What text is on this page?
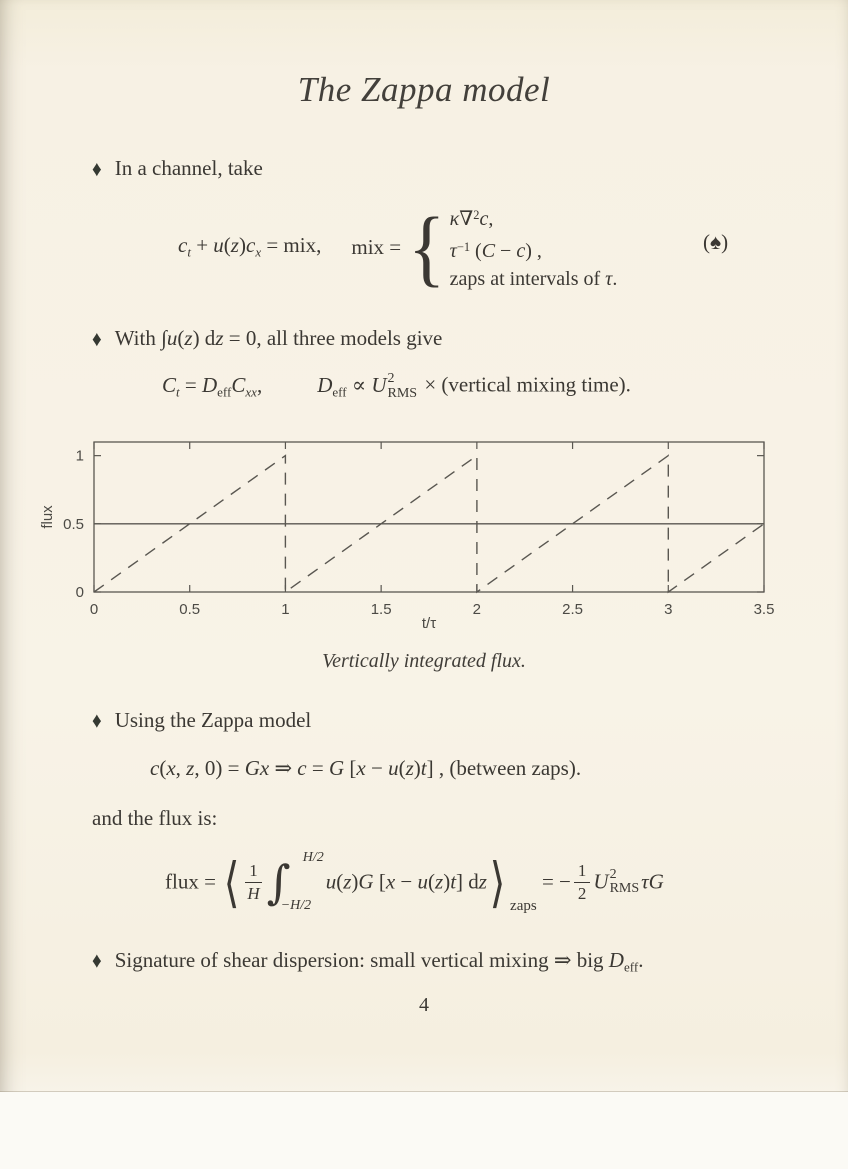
The Zappa model
♦ In a channel, take
$c_t + u(z)c_x$ = mix, mix = { κ∇$^2$c,
$\tau^{-1}$ (C − c) ,
zaps at intervals of τ.
(♠)
♦ With ∫u(z) dz = 0, all three models give
$C_t = D_{eff}C_{xx}$,	$D_{eff} \propto U$ 2
RMS × (vertical mixing time).
0	0.5	1	1.5	2	2.5	3	3.5
0
0.5
1
t/τ
flux
Vertically integrated flux.
♦ Using the Zappa model
c(x, z, 0) = Gx ⇒ c = G [x − u(z)t] , (between zaps).
and the flux is:
flux = ⟨ $\frac{1}{H}$ ∫ H/2
−H/2
u(z)G [x − u(z)t] dz⟩ zaps = − $\frac{1}{2}$ U 2
RMS τG
♦ Signature of shear dispersion: small vertical mixing ⇒ big $D_{eff}$.
4
